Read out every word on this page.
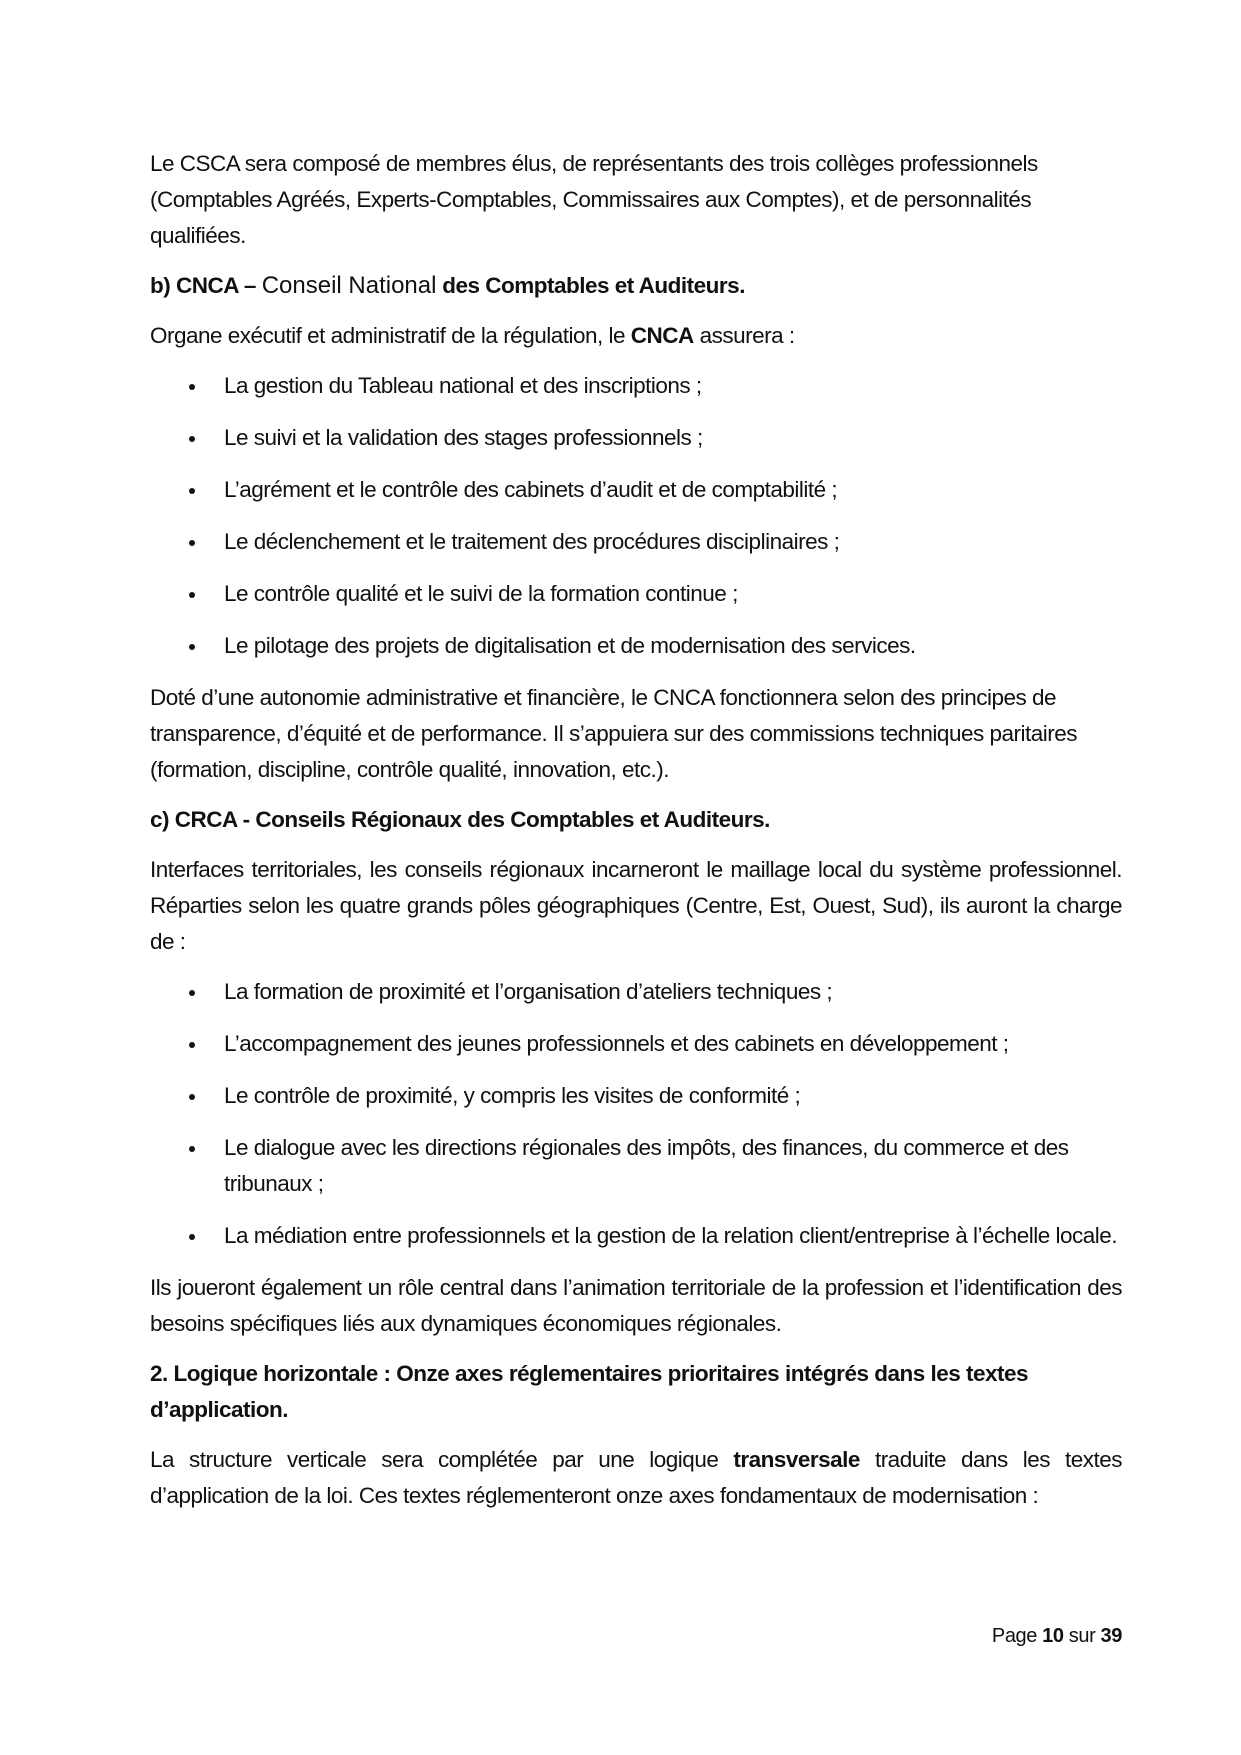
Le CSCA sera composé de membres élus, de représentants des trois collèges professionnels (Comptables Agréés, Experts-Comptables, Commissaires aux Comptes), et de personnalités qualifiées.

b) CNCA – Conseil National des Comptables et Auditeurs.

Organe exécutif et administratif de la régulation, le CNCA assurera :

La gestion du Tableau national et des inscriptions ;
Le suivi et la validation des stages professionnels ;
L’agrément et le contrôle des cabinets d’audit et de comptabilité ;
Le déclenchement et le traitement des procédures disciplinaires ;
Le contrôle qualité et le suivi de la formation continue ;
Le pilotage des projets de digitalisation et de modernisation des services.

Doté d’une autonomie administrative et financière, le CNCA fonctionnera selon des principes de transparence, d’équité et de performance. Il s’appuiera sur des commissions techniques paritaires (formation, discipline, contrôle qualité, innovation, etc.).

c) CRCA - Conseils Régionaux des Comptables et Auditeurs.

Interfaces territoriales, les conseils régionaux incarneront le maillage local du système professionnel. Réparties selon les quatre grands pôles géographiques (Centre, Est, Ouest, Sud), ils auront la charge de :

La formation de proximité et l’organisation d’ateliers techniques ;
L’accompagnement des jeunes professionnels et des cabinets en développement ;
Le contrôle de proximité, y compris les visites de conformité ;
Le dialogue avec les directions régionales des impôts, des finances, du commerce et des tribunaux ;
La médiation entre professionnels et la gestion de la relation client/entreprise à l’échelle locale.

Ils joueront également un rôle central dans l’animation territoriale de la profession et l’identification des besoins spécifiques liés aux dynamiques économiques régionales.

2. Logique horizontale : Onze axes réglementaires prioritaires intégrés dans les textes d’application.

La structure verticale sera complétée par une logique transversale traduite dans les textes d’application de la loi. Ces textes réglementeront onze axes fondamentaux de modernisation :

Page 10 sur 39
